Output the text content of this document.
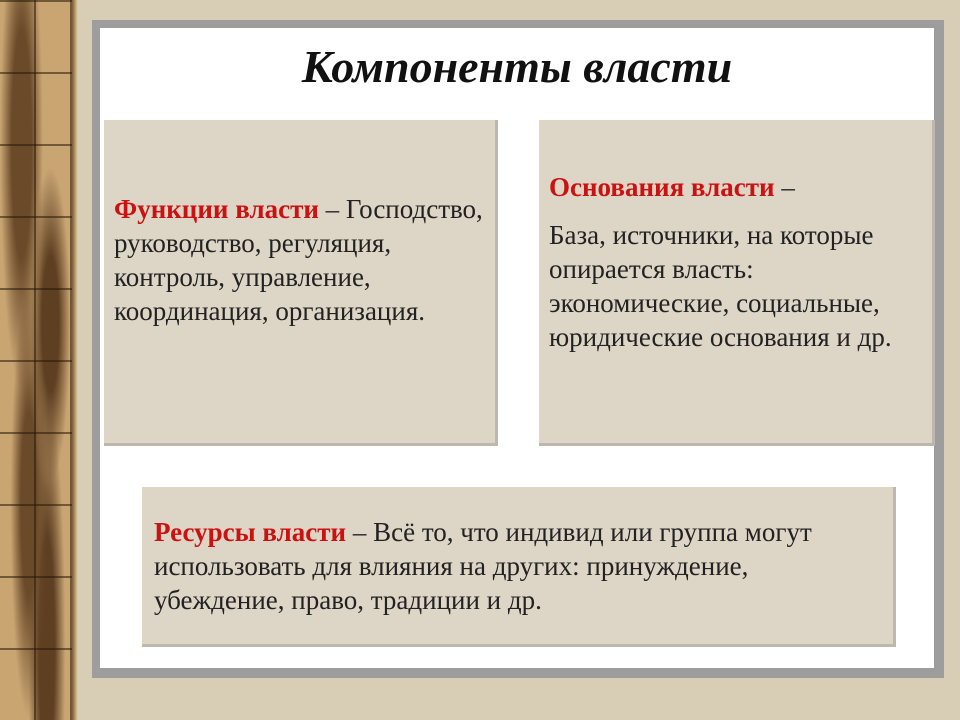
Компоненты власти
Функции власти – Господство, руководство, регуляция, контроль, управление, координация, организация.
Основания власти –
База, источники, на которые опирается власть: экономические, социальные, юридические основания и др.
Ресурсы власти – Всё то, что индивид или группа могут использовать для влияния на других: принуждение, убеждение, право, традиции и др.
